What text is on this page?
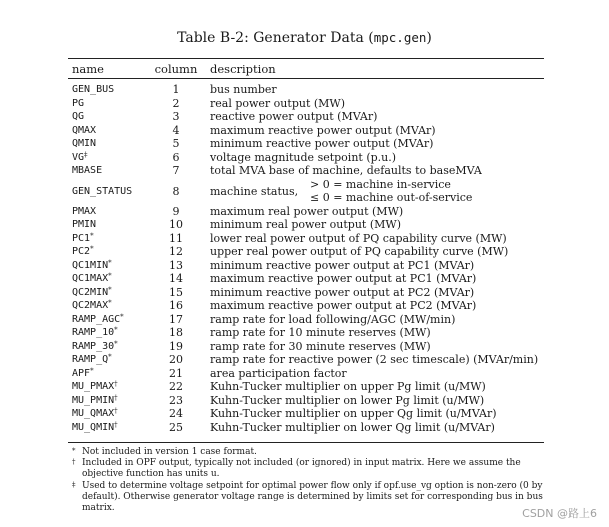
Table B-2: Generator Data (mpc.gen)
name	column	description
GEN_BUS	1	bus number
PG	2	real power output (MW)
QG	3	reactive power output (MVAr)
QMAX	4	maximum reactive power output (MVAr)
QMIN	5	minimum reactive power output (MVAr)
VG‡	6	voltage magnitude setpoint (p.u.)
MBASE	7	total MVA base of machine, defaults to baseMVA
GEN_STATUS	8	machine status,
> 0 = machine in-service
≤ 0 = machine out-of-service
PMAX	9	maximum real power output (MW)
PMIN	10	minimum real power output (MW)
PC1*	11	lower real power output of PQ capability curve (MW)
PC2*	12	upper real power output of PQ capability curve (MW)
QC1MIN*	13	minimum reactive power output at PC1 (MVAr)
QC1MAX*	14	maximum reactive power output at PC1 (MVAr)
QC2MIN*	15	minimum reactive power output at PC2 (MVAr)
QC2MAX*	16	maximum reactive power output at PC2 (MVAr)
RAMP_AGC*	17	ramp rate for load following/AGC (MW/min)
RAMP_10*	18	ramp rate for 10 minute reserves (MW)
RAMP_30*	19	ramp rate for 30 minute reserves (MW)
RAMP_Q*	20	ramp rate for reactive power (2 sec timescale) (MVAr/min)
APF*	21	area participation factor
MU_PMAX†	22	Kuhn-Tucker multiplier on upper Pg limit (u/MW)
MU_PMIN†	23	Kuhn-Tucker multiplier on lower Pg limit (u/MW)
MU_QMAX†	24	Kuhn-Tucker multiplier on upper Qg limit (u/MVAr)
MU_QMIN†	25	Kuhn-Tucker multiplier on lower Qg limit (u/MVAr)
* Not included in version 1 case format.
† Included in OPF output, typically not included (or ignored) in input matrix. Here we assume the objective function has units u.
‡ Used to determine voltage setpoint for optimal power flow only if opf.use_vg option is non-zero (0 by default). Otherwise generator voltage range is determined by limits set for corresponding bus in bus matrix.	CSDN @路上6
